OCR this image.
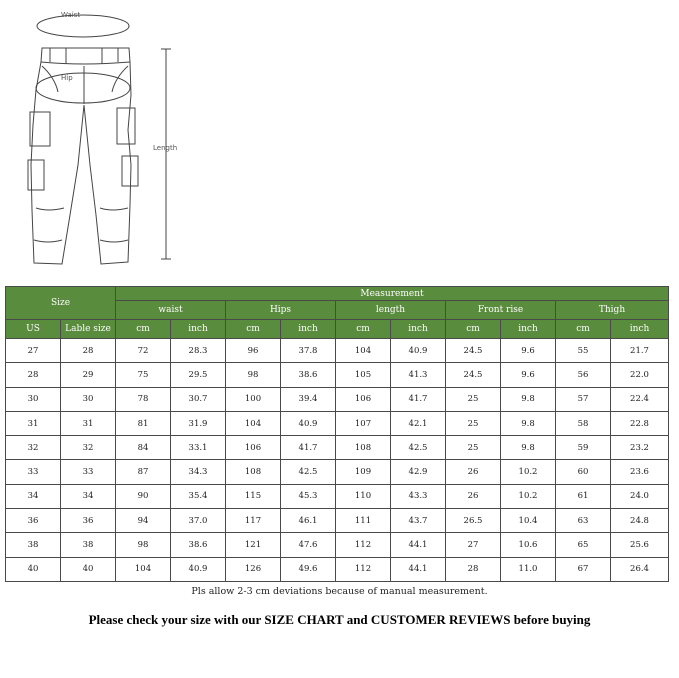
Waist
Hip
Length
Size		Measurement									
		waist		Hips		length		Front rise		Thigh	
US	Lable size	cm	inch	cm	inch	cm	inch	cm	inch	cm	inch
27	28	72	28.3	96	37.8	104	40.9	24.5	9.6	55	21.7
28	29	75	29.5	98	38.6	105	41.3	24.5	9.6	56	22.0
30	30	78	30.7	100	39.4	106	41.7	25	9.8	57	22.4
31	31	81	31.9	104	40.9	107	42.1	25	9.8	58	22.8
32	32	84	33.1	106	41.7	108	42.5	25	9.8	59	23.2
33	33	87	34.3	108	42.5	109	42.9	26	10.2	60	23.6
34	34	90	35.4	115	45.3	110	43.3	26	10.2	61	24.0
36	36	94	37.0	117	46.1	111	43.7	26.5	10.4	63	24.8
38	38	98	38.6	121	47.6	112	44.1	27	10.6	65	25.6
40	40	104	40.9	126	49.6	112	44.1	28	11.0	67	26.4

Pls allow 2-3 cm deviations because of manual measurement.

Please check your size with our SIZE CHART and CUSTOMER REVIEWS before buying
